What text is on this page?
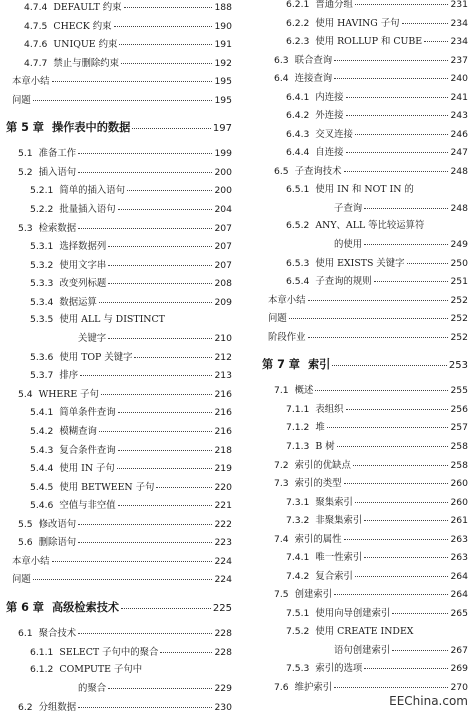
4.7.4 DEFAULT 约束	188
4.7.5 CHECK 约束	190
4.7.6 UNIQUE 约束	191
4.7.7 禁止与删除约束	192
本章小结	195
问题	195
第 5 章 操作表中的数据	197
5.1 准备工作	199
5.2 插入语句	200
5.2.1 简单的插入语句	200
5.2.2 批量插入语句	204
5.3 检索数据	207
5.3.1 选择数据列	207
5.3.2 使用文字串	207
5.3.3 改变列标题	208
5.3.4 数据运算	209
5.3.5 使用 ALL 与 DISTINCT
关键字	210
5.3.6 使用 TOP 关键字	212
5.3.7 排序	213
5.4 WHERE 子句	216
5.4.1 简单条件查询	216
5.4.2 模糊查询	216
5.4.3 复合条件查询	218
5.4.4 使用 IN 子句	219
5.4.5 使用 BETWEEN 子句	220
5.4.6 空值与非空值	221
5.5 修改语句	222
5.6 删除语句	223
本章小结	224
问题	224
第 6 章 高级检索技术	225
6.1 聚合技术	228
6.1.1 SELECT 子句中的聚合	228
6.1.2 COMPUTE 子句中
的聚合	229
6.2 分组数据	230
6.2.1 普通分组	231
6.2.2 使用 HAVING 子句	234
6.2.3 使用 ROLLUP 和 CUBE	234
6.3 联合查询	237
6.4 连接查询	240
6.4.1 内连接	241
6.4.2 外连接	243
6.4.3 交叉连接	246
6.4.4 自连接	247
6.5 子查询技术	248
6.5.1 使用 IN 和 NOT IN 的
子查询	248
6.5.2 ANY、ALL 等比较运算符
的使用	249
6.5.3 使用 EXISTS 关键字	250
6.5.4 子查询的规则	251
本章小结	252
问题	252
阶段作业	252
第 7 章 索引	253
7.1 概述	255
7.1.1 表组织	256
7.1.2 堆	257
7.1.3 B 树	258
7.2 索引的优缺点	258
7.3 索引的类型	260
7.3.1 聚集索引	260
7.3.2 非聚集索引	261
7.4 索引的属性	263
7.4.1 唯一性索引	263
7.4.2 复合索引	264
7.5 创建索引	264
7.5.1 使用向导创建索引	265
7.5.2 使用 CREATE INDEX
语句创建索引	267
7.5.3 索引的选项	269
7.6 维护索引	270
EEChina.com
